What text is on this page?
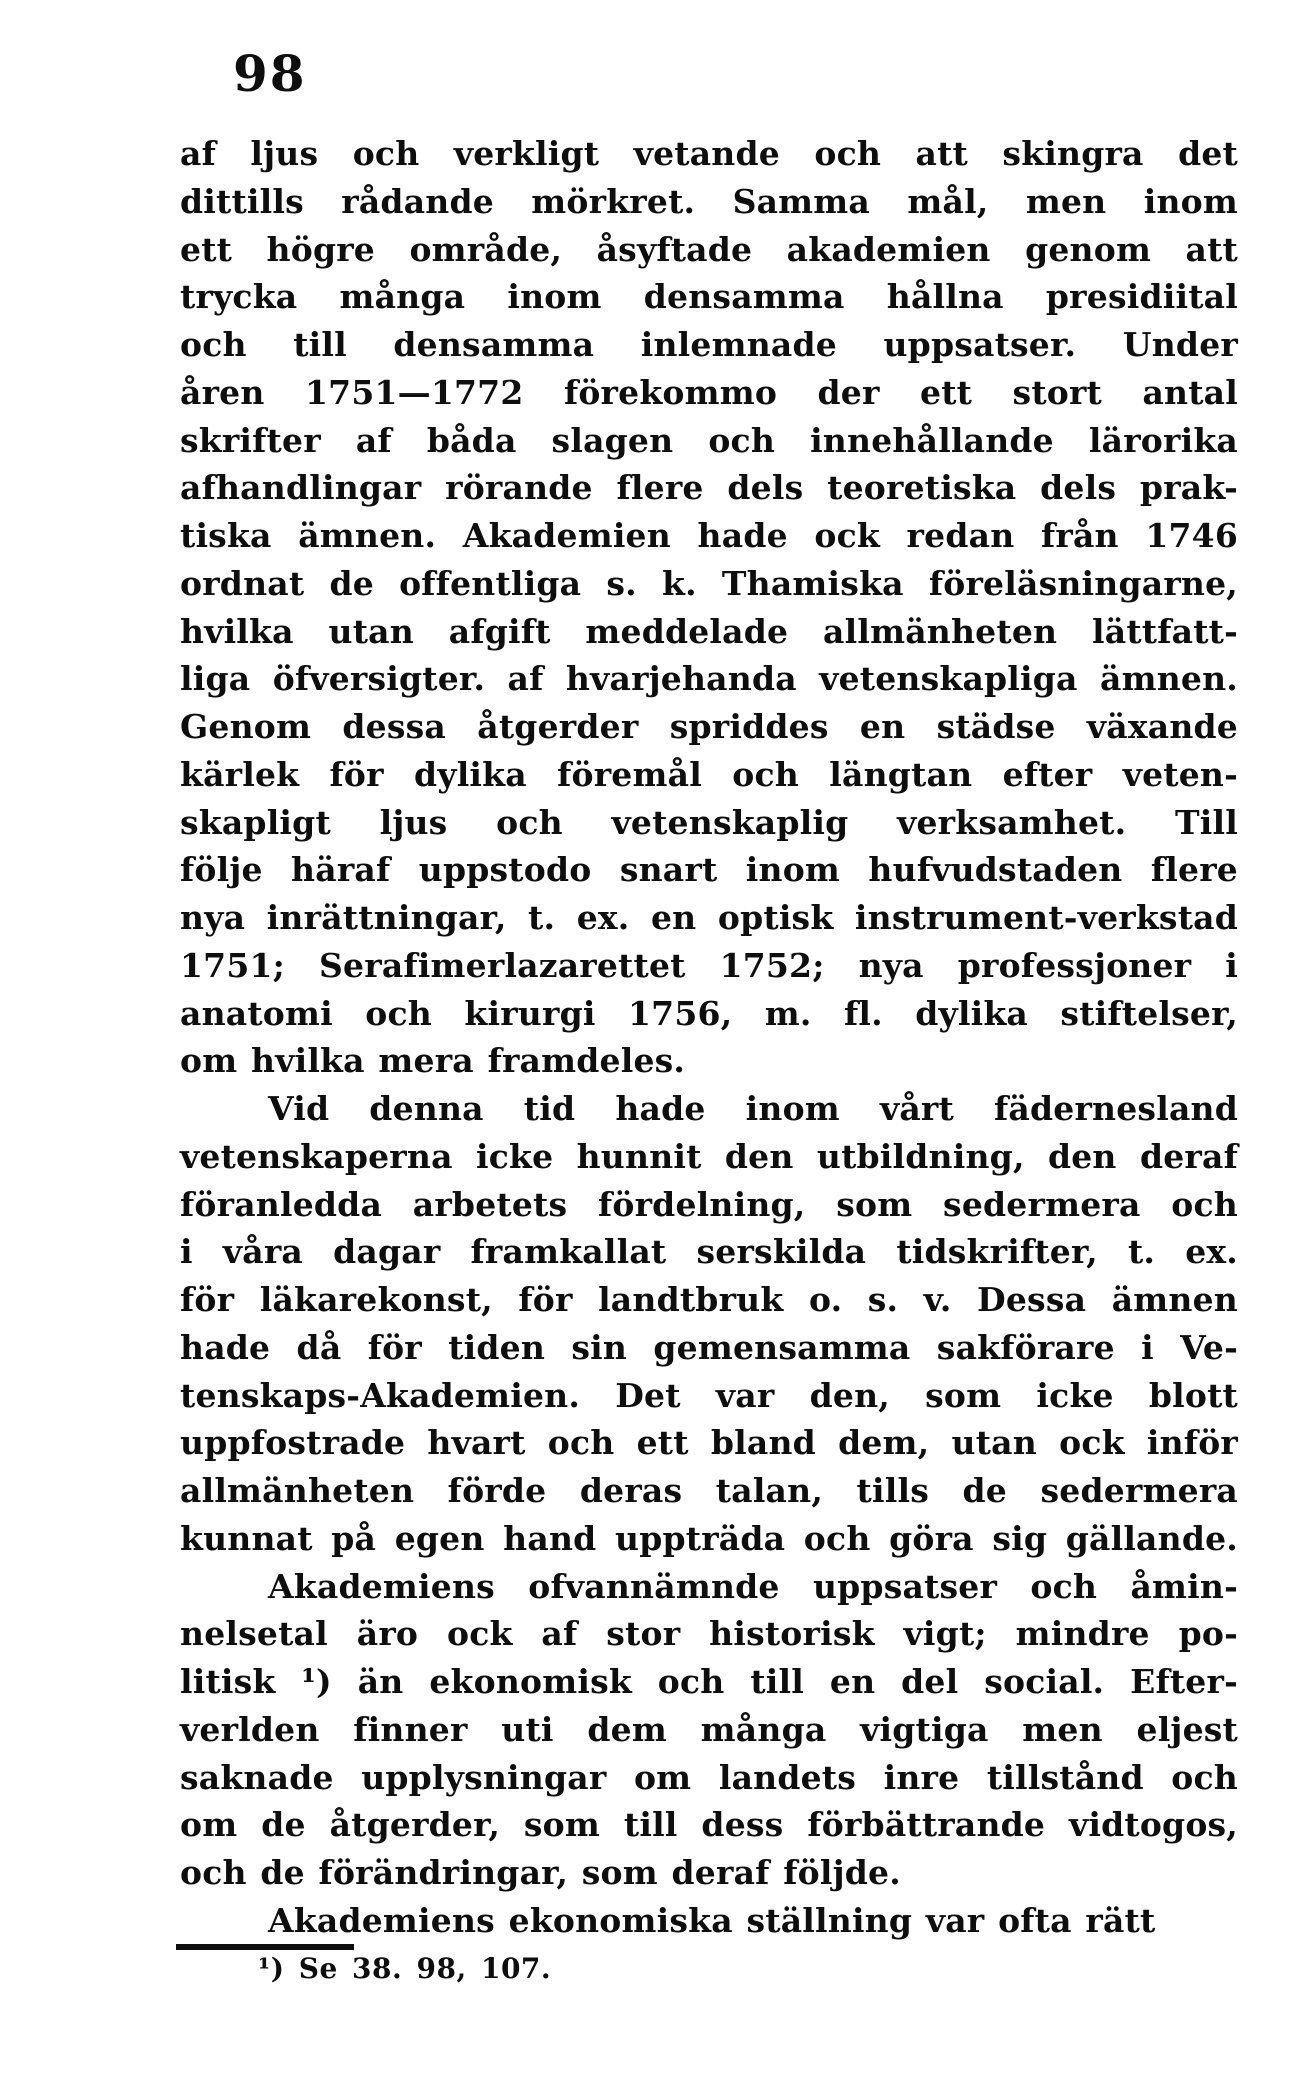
98
af ljus och verkligt vetande och att skingra det
dittills rådande mörkret. Samma mål, men inom
ett högre område, åsyftade akademien genom att
trycka många inom densamma hållna presidiital
och till densamma inlemnade uppsatser. Under
åren 1751—1772 förekommo der ett stort antal
skrifter af båda slagen och innehållande lärorika
afhandlingar rörande flere dels teoretiska dels prak-
tiska ämnen. Akademien hade ock redan från 1746
ordnat de offentliga s. k. Thamiska föreläsningarne,
hvilka utan afgift meddelade allmänheten lättfatt-
liga öfversigter. af hvarjehanda vetenskapliga ämnen.
Genom dessa åtgerder spriddes en städse växande
kärlek för dylika föremål och längtan efter veten-
skapligt ljus och vetenskaplig verksamhet. Till
följe häraf uppstodo snart inom hufvudstaden flere
nya inrättningar, t. ex. en optisk instrument-verkstad
1751; Serafimerlazarettet 1752; nya professjoner i
anatomi och kirurgi 1756, m. fl. dylika stiftelser,
om hvilka mera framdeles.
Vid denna tid hade inom vårt fädernesland
vetenskaperna icke hunnit den utbildning, den deraf
föranledda arbetets fördelning, som sedermera och
i våra dagar framkallat serskilda tidskrifter, t. ex.
för läkarekonst, för landtbruk o. s. v. Dessa ämnen
hade då för tiden sin gemensamma sakförare i Ve-
tenskaps-Akademien. Det var den, som icke blott
uppfostrade hvart och ett bland dem, utan ock inför
allmänheten förde deras talan, tills de sedermera
kunnat på egen hand uppträda och göra sig gällande.
Akademiens ofvannämnde uppsatser och åmin-
nelsetal äro ock af stor historisk vigt; mindre po-
litisk ¹) än ekonomisk och till en del social. Efter-
verlden finner uti dem många vigtiga men eljest
saknade upplysningar om landets inre tillstånd och
om de åtgerder, som till dess förbättrande vidtogos,
och de förändringar, som deraf följde.
Akademiens ekonomiska ställning var ofta rätt
¹) Se 38. 98, 107.
